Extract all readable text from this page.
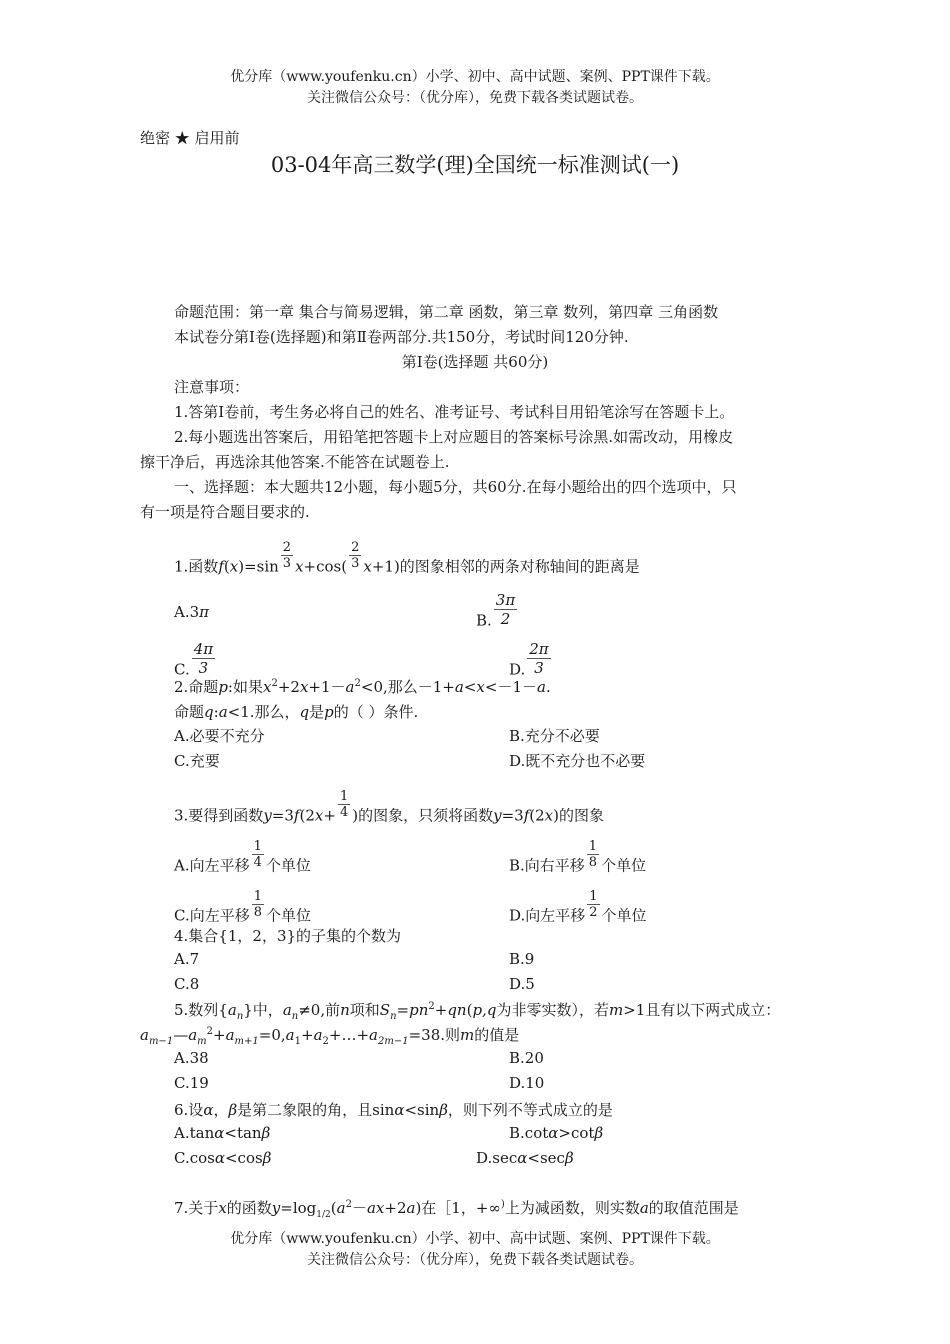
优分库（www.youfenku.cn）小学、初中、高中试题、案例、PPT课件下载。
关注微信公众号：（优分库），免费下载各类试题试卷。
绝密 ★ 启用前
03-04年高三数学(理)全国统一标准测试(一)
命题范围：第一章 集合与简易逻辑，第二章 函数，第三章 数列，第四章 三角函数
本试卷分第Ⅰ卷(选择题)和第Ⅱ卷两部分.共150分，考试时间120分钟.
第Ⅰ卷(选择题 共60分)
注意事项：
1.答第Ⅰ卷前，考生务必将自己的姓名、准考证号、考试科目用铅笔涂写在答题卡上。
2.每小题选出答案后，用铅笔把答题卡上对应题目的答案标号涂黑.如需改动，用橡皮
擦干净后，再选涂其他答案.不能答在试题卷上.
一、选择题：本大题共12小题，每小题5分，共60分.在每小题给出的四个选项中，只
有一项是符合题目要求的.
1.函数$f(x)=\sin \frac{2}{3} x+\cos( \frac{2}{3} x+1)$的图象相邻的两条对称轴间的距离是
A.3π	B. $\frac{3\pi}{2}$
C. $\frac{4\pi}{3}$	D. $\frac{2\pi}{3}$
2.命题p:如果$x^2+2x+1-a^2<0$,那么－1+a<x<－1－a.
命题q:a<1.那么，q是p的（ ）条件.
A.必要不充分	B.充分不必要
C.充要	D.既不充分也不必要
3.要得到函数$y=3f(2x+ \frac{1}{4}$ )的图象，只须将函数y=3f(2x)的图象
A.向左平移 $\frac{1}{4}$ 个单位	B.向右平移 $\frac{1}{8}$ 个单位
C.向左平移 $\frac{1}{8}$ 个单位	D.向左平移 $\frac{1}{2}$ 个单位
4.集合{1，2，3}的子集的个数为
A.7	B.9
C.8	D.5
5.数列$\{a_n\}$中，$a_n\ne 0$,前n项和$S_n=pn^2+qn(p,q$为非零实数），若m>1且有以下两式成立：
$a_{m-1}—a_m^2+a_{m+1}=0,a_1+a_2+\dots+a_{2m-1}=38$.则m的值是
A.38	B.20
C.19	D.10
6.设α，β是第二象限的角，且sinα<sinβ，则下列不等式成立的是
A.tanα<tanβ	B.cotα>cotβ
C.cosα<cosβ	D.secα<secβ
7.关于x的函数$y=\log_{1/2}(a^2-ax+2a)$在［1，+∞)上为减函数，则实数a的取值范围是
优分库（www.youfenku.cn）小学、初中、高中试题、案例、PPT课件下载。
关注微信公众号：（优分库），免费下载各类试题试卷。
